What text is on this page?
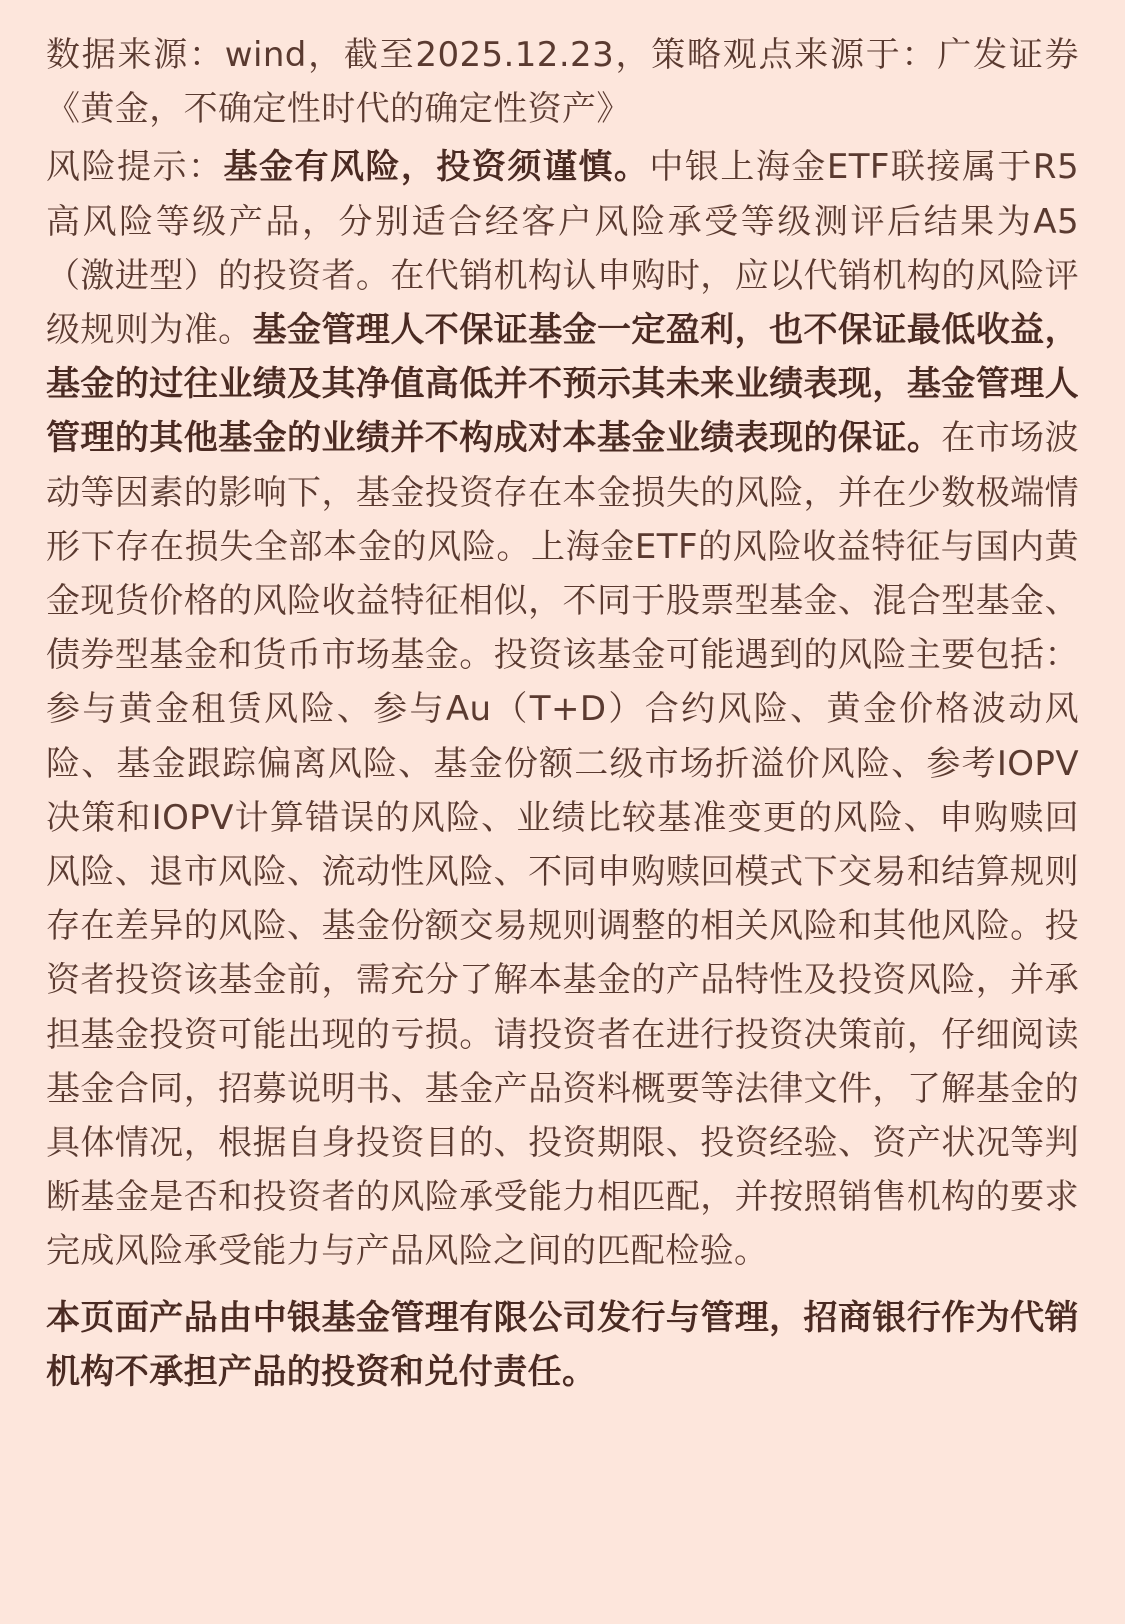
数据来源：wind，截至2025.12.23，策略观点来源于：广发证券《黄金，不确定性时代的确定性资产》

风险提示：基金有风险，投资须谨慎。中银上海金ETF联接属于R5高风险等级产品，分别适合经客户风险承受等级测评后结果为A5（激进型）的投资者。在代销机构认申购时，应以代销机构的风险评级规则为准。基金管理人不保证基金一定盈利，也不保证最低收益，基金的过往业绩及其净值高低并不预示其未来业绩表现，基金管理人管理的其他基金的业绩并不构成对本基金业绩表现的保证。在市场波动等因素的影响下，基金投资存在本金损失的风险，并在少数极端情形下存在损失全部本金的风险。上海金ETF的风险收益特征与国内黄金现货价格的风险收益特征相似，不同于股票型基金、混合型基金、债券型基金和货币市场基金。投资该基金可能遇到的风险主要包括：参与黄金租赁风险、参与Au（T+D）合约风险、黄金价格波动风险、基金跟踪偏离风险、基金份额二级市场折溢价风险、参考IOPV决策和IOPV计算错误的风险、业绩比较基准变更的风险、申购赎回风险、退市风险、流动性风险、不同申购赎回模式下交易和结算规则存在差异的风险、基金份额交易规则调整的相关风险和其他风险。投资者投资该基金前，需充分了解本基金的产品特性及投资风险，并承担基金投资可能出现的亏损。请投资者在进行投资决策前，仔细阅读基金合同，招募说明书、基金产品资料概要等法律文件，了解基金的具体情况，根据自身投资目的、投资期限、投资经验、资产状况等判断基金是否和投资者的风险承受能力相匹配，并按照销售机构的要求完成风险承受能力与产品风险之间的匹配检验。

本页面产品由中银基金管理有限公司发行与管理，招商银行作为代销机构不承担产品的投资和兑付责任。
